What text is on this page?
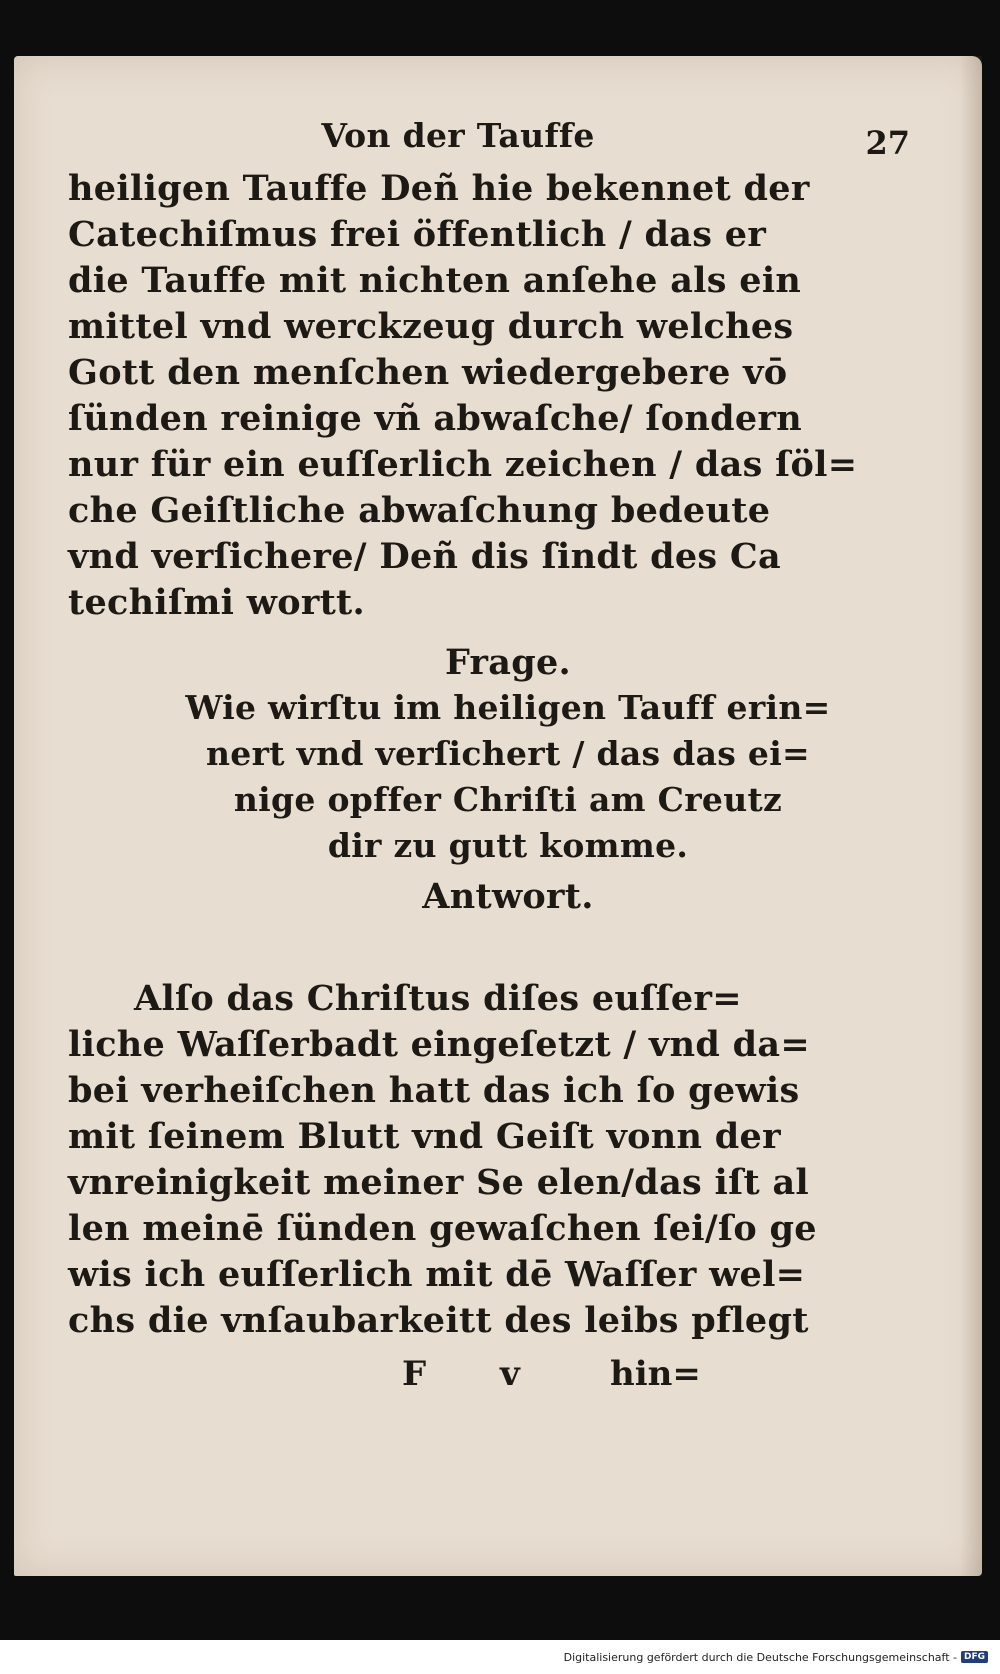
Von der Tauffe	27
heiligen Tauffe Deñ hie bekennet der
Catechiſmus frei öffentlich / das er
die Tauffe mit nichten anſehe als ein
mittel vnd werckzeug durch welches
Gott den menſchen wiedergebere vō
ſünden reinige vñ abwaſche/ ſondern
nur für ein euſſerlich zeichen / das ſöl=
che Geiſtliche abwaſchung bedeute
vnd verſichere/ Deñ dis ſindt des Ca
techiſmi wortt.
Frage.
Wie wirſtu im heiligen Tauff erin=
nert vnd verſichert / das das ei=
nige opffer Chriſti am Creutz
dir zu gutt komme.
Antwort.
Alſo das Chriſtus diſes euſſer=
liche Waſſerbadt eingeſetzt / vnd da=
bei verheiſchen hatt das ich ſo gewis
mit ſeinem Blutt vnd Geiſt vonn der
vnreinigkeit meiner Se elen/das iſt al
len meinē ſünden gewaſchen ſei/ſo ge
wis ich euſſerlich mit dē Waſſer wel=
chs die vnſaubarkeitt des leibs pflegt
F v	hin=
Digitalisierung gefördert durch die Deutsche Forschungsgemeinschaft - DFG
